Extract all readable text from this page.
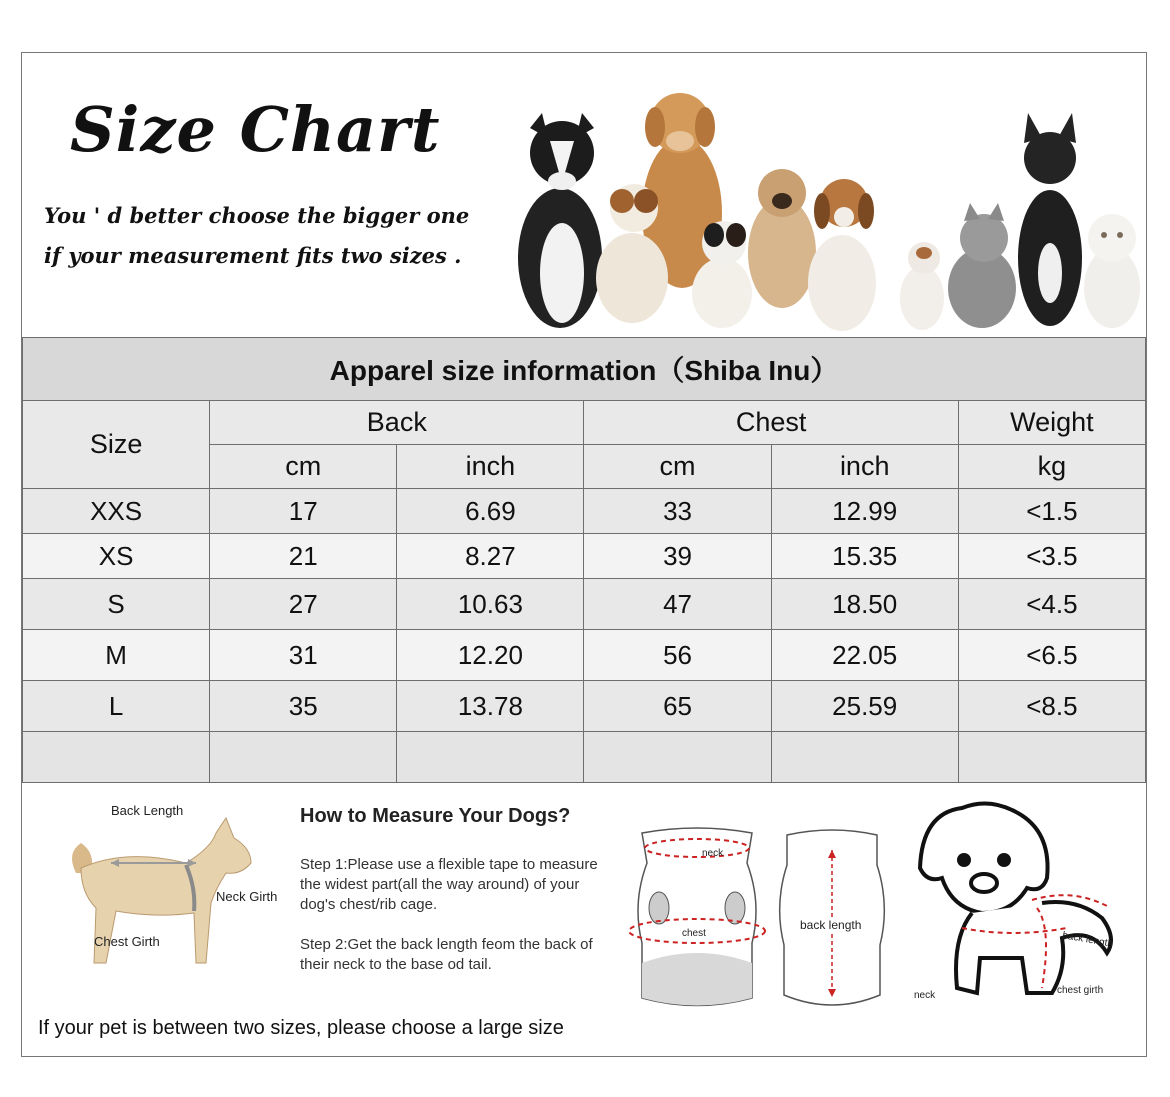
Size Chart
You ' d better choose the bigger one
if your measurement fits two sizes .
Apparel size information（Shiba Inu）					
Size	Back		Chest		Weight
	cm	inch	cm	inch	kg
XXS	17	6.69	33	12.99	<1.5
XS	21	8.27	39	15.35	<3.5
S	27	10.63	47	18.50	<4.5
M	31	12.20	56	22.05	<6.5
L	35	13.78	65	25.59	<8.5

Back Length
Neck Girth
Chest Girth
How to Measure Your Dogs?
Step 1:Please use a flexible tape to measure the widest part(all the way around) of your dog's chest/rib cage.
Step 2:Get the back length feom the back of their neck to the base od tail.
neck
chest
back length
back length
neck	chest girth
If your pet is between two sizes, please choose a large size
